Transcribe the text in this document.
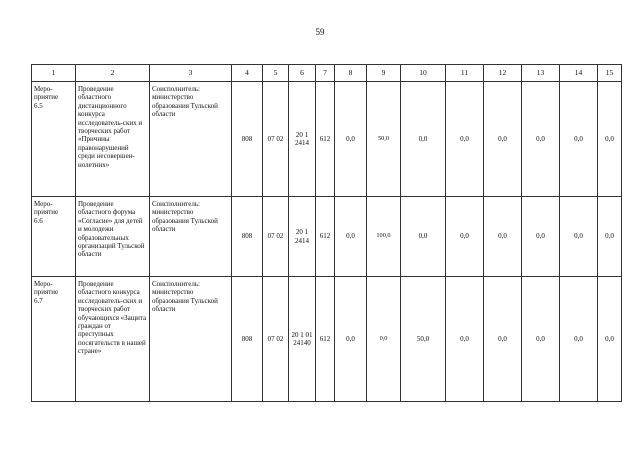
59
1	2	3	4	5	6	7	8	9	10	11	12	13	14	15
Меро-
приятие
6.5	Проведение областного дистанционного конкурса исследователь-ских и творческих работ «Причины правонарушений среди несовершен-нолетних»	Соисполнитель: министерство образования Тульской области	808	07 02	20 1 2414	612	0,0	50,0	0,0	0,0	0,0	0,0	0,0	0,0
Меро-
приятие
6.6	Проведение областного форума «Согласие» для детей и молодежи образовательных организаций Тульской области	Соисполнитель: министерство образования Тульской области	808	07 02	20 1 2414	612	0,0	100,0	0,0	0,0	0,0	0,0	0,0	0,0
Меро-
приятие
6.7	Проведение областного конкурса исследователь-ских и творческих работ обучающихся «Защита граждан от преступных посягательств в нашей стране»	Соисполнитель: министерство образования Тульской области	808	07 02	20 1 01 24140	612	0,0	0,0	50,0	0,0	0,0	0,0	0,0	0,0
